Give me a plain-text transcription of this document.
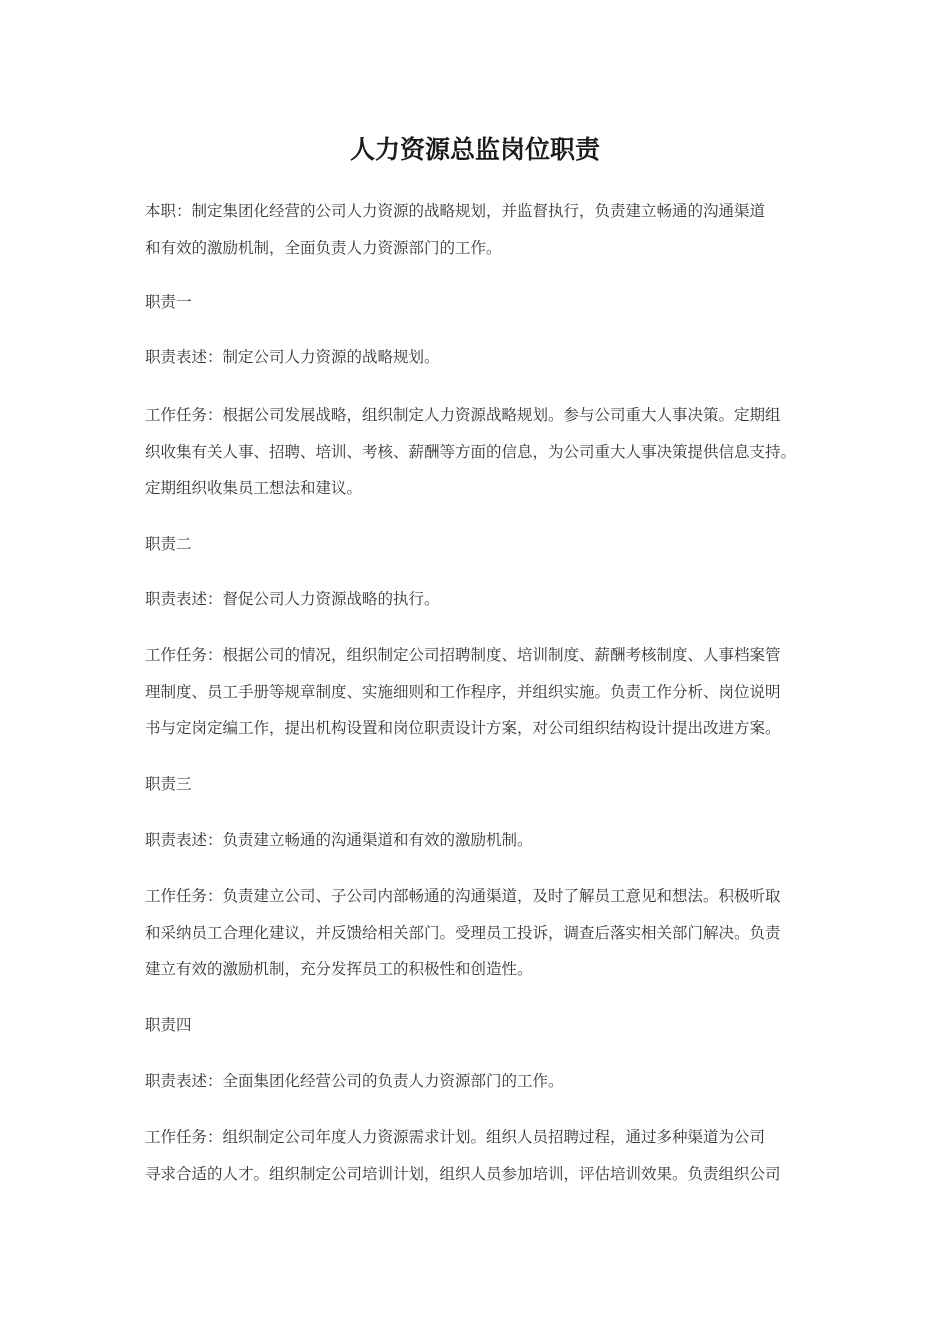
人力资源总监岗位职责

本职：制定集团化经营的公司人力资源的战略规划，并监督执行，负责建立畅通的沟通渠道
和有效的激励机制，全面负责人力资源部门的工作。

职责一

职责表述：制定公司人力资源的战略规划。

工作任务：根据公司发展战略，组织制定人力资源战略规划。参与公司重大人事决策。定期组
织收集有关人事、招聘、培训、考核、薪酬等方面的信息，为公司重大人事决策提供信息支持。
定期组织收集员工想法和建议。

职责二

职责表述：督促公司人力资源战略的执行。

工作任务：根据公司的情况，组织制定公司招聘制度、培训制度、薪酬考核制度、人事档案管
理制度、员工手册等规章制度、实施细则和工作程序，并组织实施。负责工作分析、岗位说明
书与定岗定编工作，提出机构设置和岗位职责设计方案，对公司组织结构设计提出改进方案。

职责三

职责表述：负责建立畅通的沟通渠道和有效的激励机制。

工作任务：负责建立公司、子公司内部畅通的沟通渠道，及时了解员工意见和想法。积极听取
和采纳员工合理化建议，并反馈给相关部门。受理员工投诉，调查后落实相关部门解决。负责
建立有效的激励机制，充分发挥员工的积极性和创造性。

职责四

职责表述：全面集团化经营公司的负责人力资源部门的工作。

工作任务：组织制定公司年度人力资源需求计划。组织人员招聘过程，通过多种渠道为公司
寻求合适的人才。组织制定公司培训计划，组织人员参加培训，评估培训效果。负责组织公司
